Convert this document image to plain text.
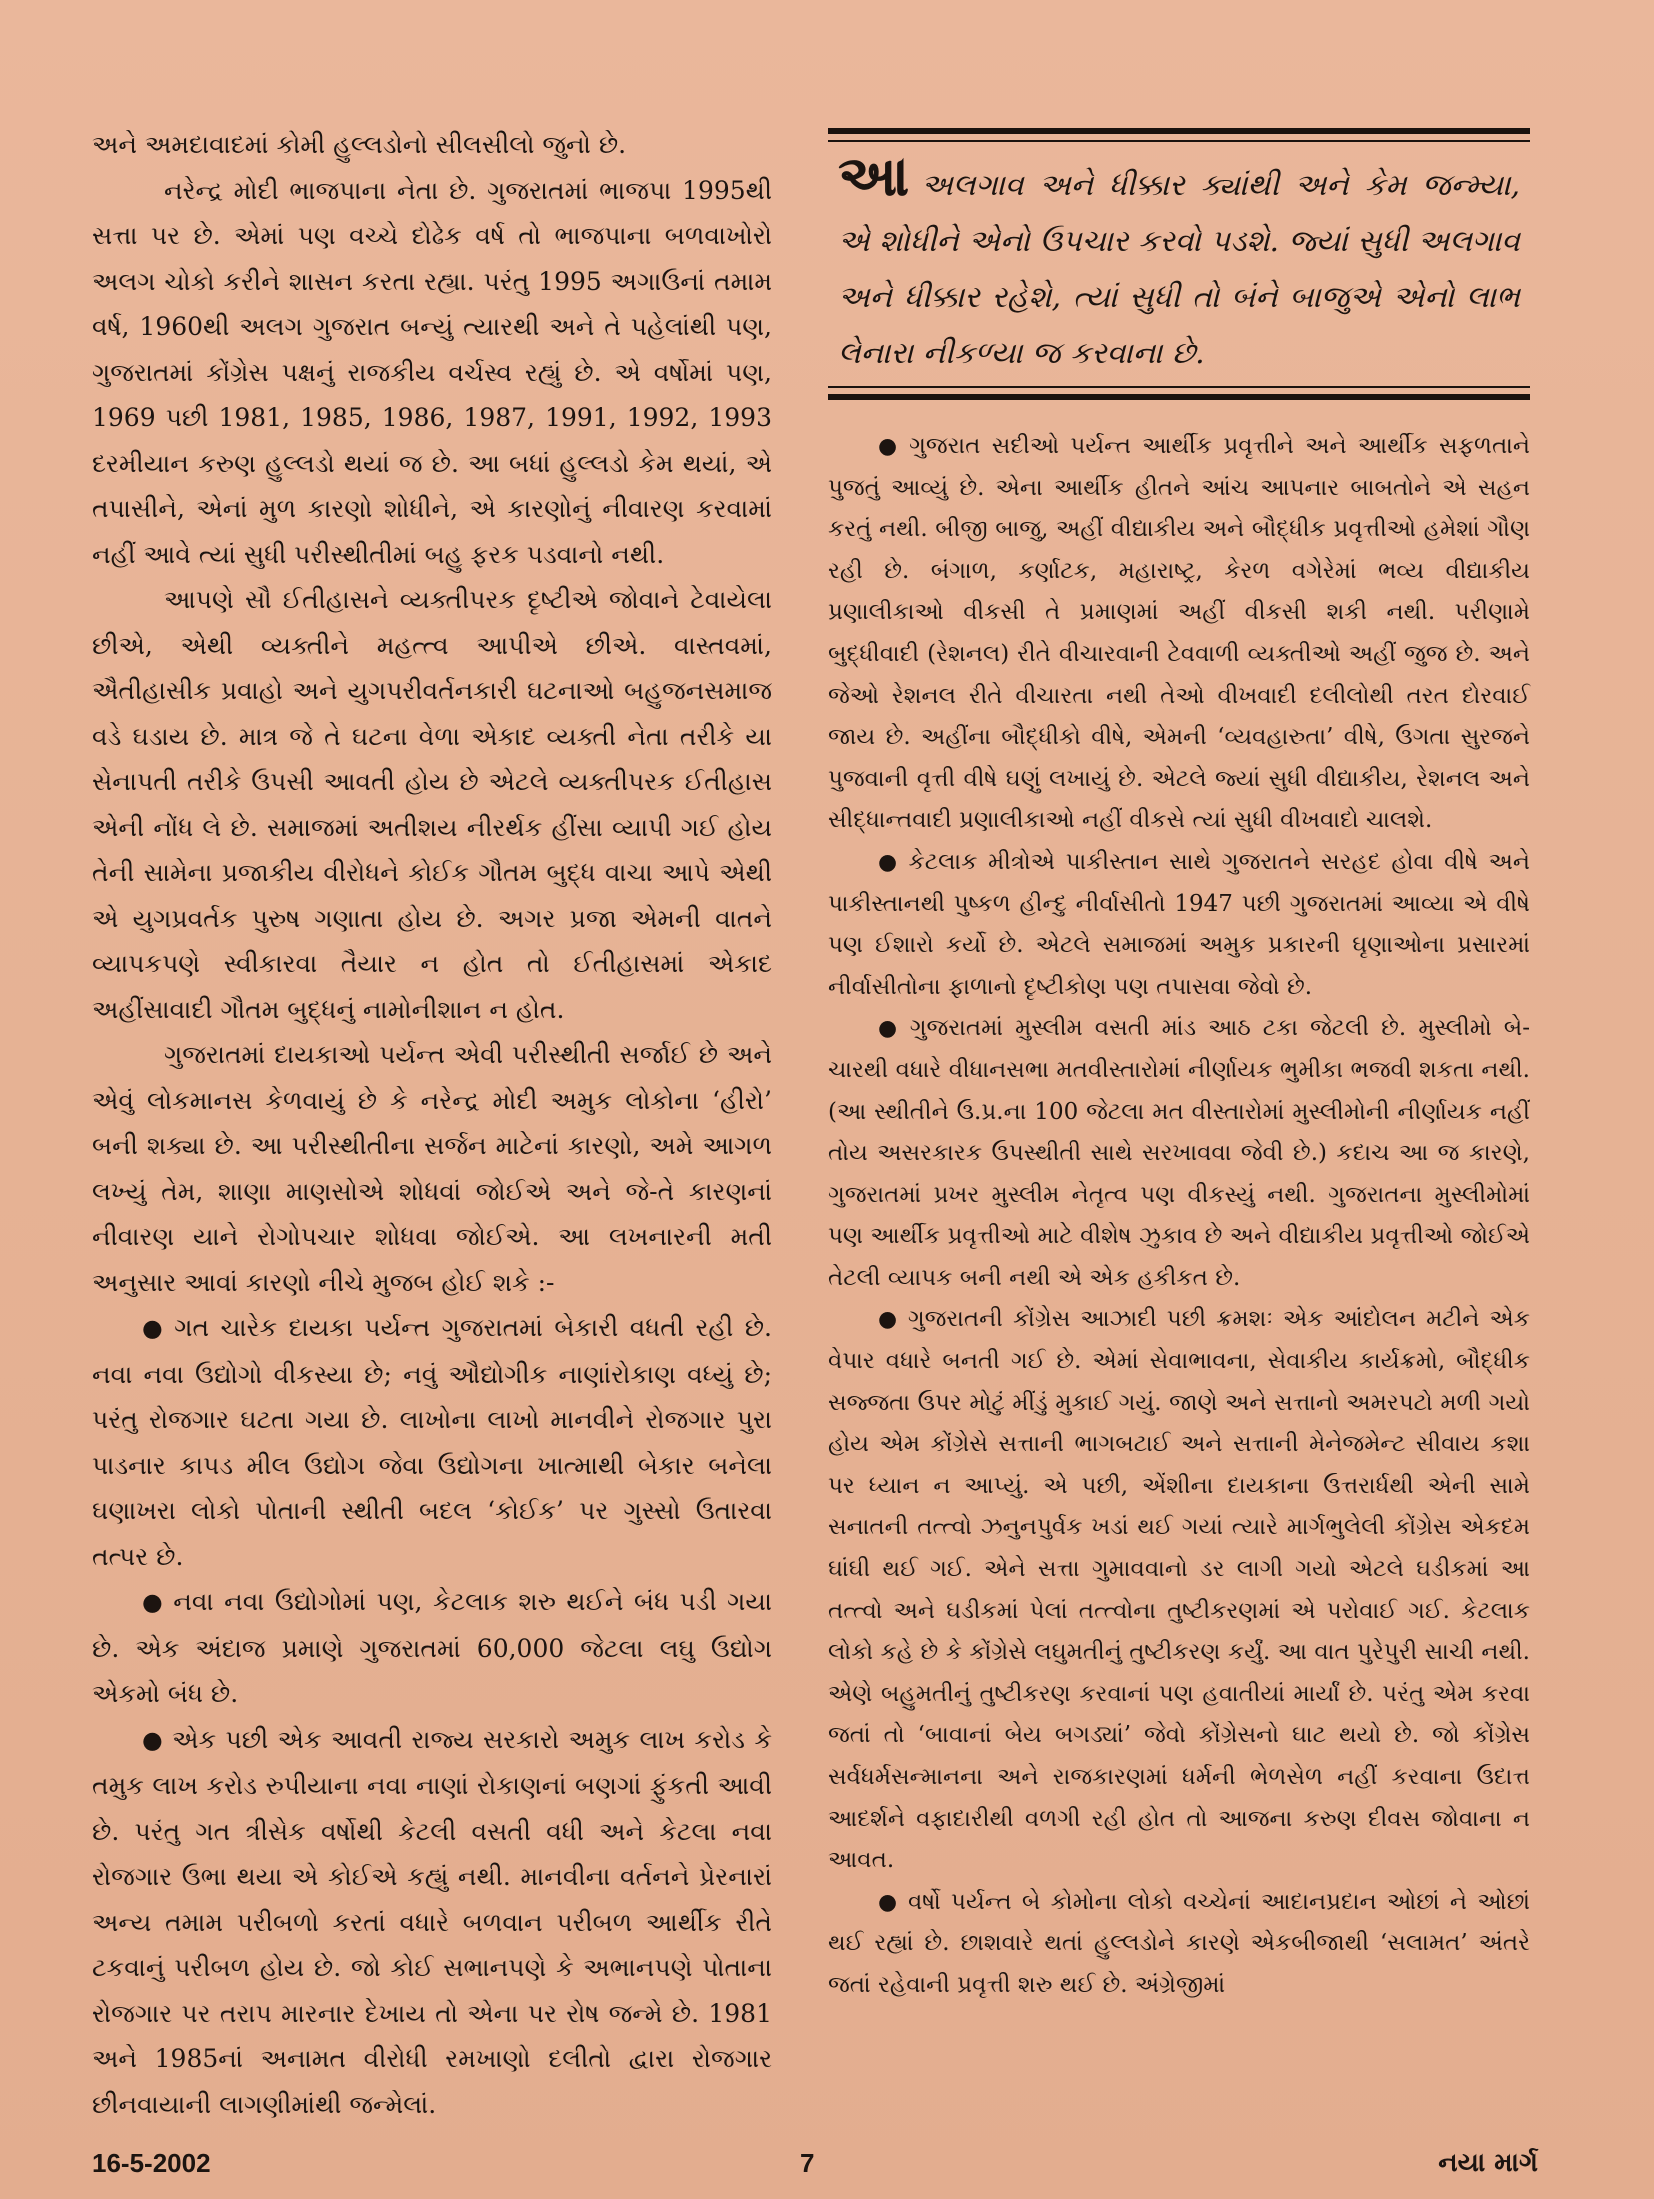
અને અમદાવાદમાં કોમી હુલ્લડોનો સીલસીલો જુનો છે.

નરેન્દ્ર મોદી ભાજપાના નેતા છે. ગુજરાતમાં ભાજપા 1995થી સત્તા પર છે. એમાં પણ વચ્ચે દોઢેક વર્ષ તો ભાજપાના બળવાખોરો અલગ ચોકો કરીને શાસન કરતા રહ્યા. પરંતુ 1995 અગાઉનાં તમામ વર્ષ, 1960થી અલગ ગુજરાત બન્યું ત્યારથી અને તે પહેલાંથી પણ, ગુજરાતમાં કોંગ્રેસ પક્ષનું રાજકીય વર્ચસ્વ રહ્યું છે. એ વર્ષોમાં પણ, 1969 પછી 1981, 1985, 1986, 1987, 1991, 1992, 1993 દરમીયાન કરુણ હુલ્લડો થયાં જ છે. આ બધાં હુલ્લડો કેમ થયાં, એ તપાસીને, એનાં મુળ કારણો શોધીને, એ કારણોનું નીવારણ કરવામાં નહીં આવે ત્યાં સુધી પરીસ્થીતીમાં બહુ ફરક પડવાનો નથી.

આપણે સૌ ઈતીહાસને વ્યક્તીપરક દૃષ્ટીએ જોવાને ટેવાયેલા છીએ, એથી વ્યક્તીને મહત્ત્વ આપીએ છીએ. વાસ્તવમાં, ઐતીહાસીક પ્રવાહો અને યુગપરીવર્તનકારી ઘટનાઓ બહુજનસમાજ વડે ઘડાય છે. માત્ર જે તે ઘટના વેળા એકાદ વ્યક્તી નેતા તરીકે યા સેનાપતી તરીકે ઉપસી આવતી હોય છે એટલે વ્યક્તીપરક ઈતીહાસ એની નોંધ લે છે. સમાજમાં અતીશય નીરર્થક હીંસા વ્યાપી ગઈ હોય તેની સામેના પ્રજાકીય વીરોધને કોઈક ગૌતમ બુદ્ધ વાચા આપે એથી એ યુગપ્રવર્તક પુરુષ ગણાતા હોય છે. અગર પ્રજા એમની વાતને વ્યાપકપણે સ્વીકારવા તૈયાર ન હોત તો ઈતીહાસમાં એકાદ અહીંસાવાદી ગૌતમ બુદ્ધનું નામોનીશાન ન હોત.

ગુજરાતમાં દાયકાઓ પર્યન્ત એવી પરીસ્થીતી સર્જાઈ છે અને એવું લોકમાનસ કેળવાયું છે કે નરેન્દ્ર મોદી અમુક લોકોના ‘હીરો’ બની શક્યા છે. આ પરીસ્થીતીના સર્જન માટેનાં કારણો, અમે આગળ લખ્યું તેમ, શાણા માણસોએ શોધવાં જોઈએ અને જે-તે કારણનાં નીવારણ યાને રોગોપચાર શોધવા જોઈએ. આ લખનારની મતી અનુસાર આવાં કારણો નીચે મુજબ હોઈ શકે :-

● ગત ચારેક દાયકા પર્યન્ત ગુજરાતમાં બેકારી વધતી રહી છે. નવા નવા ઉદ્યોગો વીકસ્યા છે; નવું ઔદ્યોગીક નાણાંરોકાણ વધ્યું છે; પરંતુ રોજગાર ઘટતા ગયા છે. લાખોના લાખો માનવીને રોજગાર પુરા પાડનાર કાપડ મીલ ઉદ્યોગ જેવા ઉદ્યોગના ખાત્માથી બેકાર બનેલા ઘણાખરા લોકો પોતાની સ્થીતી બદલ ‘કોઈક’ પર ગુસ્સો ઉતારવા તત્પર છે.

● નવા નવા ઉદ્યોગોમાં પણ, કેટલાક શરુ થઈને બંધ પડી ગયા છે. એક અંદાજ પ્રમાણે ગુજરાતમાં 60,000 જેટલા લઘુ ઉદ્યોગ એકમો બંધ છે.

● એક પછી એક આવતી રાજ્ય સરકારો અમુક લાખ કરોડ કે તમુક લાખ કરોડ રુપીયાના નવા નાણાં રોકાણનાં બણગાં ફુંકતી આવી છે. પરંતુ ગત ત્રીસેક વર્ષોથી કેટલી વસતી વધી અને કેટલા નવા રોજગાર ઉભા થયા એ કોઈએ કહ્યું નથી. માનવીના વર્તનને પ્રેરનારાં અન્ય તમામ પરીબળો કરતાં વધારે બળવાન પરીબળ આર્થીક રીતે ટકવાનું પરીબળ હોય છે. જો કોઈ સભાનપણે કે અભાનપણે પોતાના રોજગાર પર તરાપ મારનાર દેખાય તો એના પર રોષ જન્મે છે. 1981 અને 1985નાં અનામત વીરોધી રમખાણો દલીતો દ્વારા રોજગાર છીનવાયાની લાગણીમાંથી જન્મેલાં.

આઅલગાવ અને ધીક્કાર ક્યાંથી અને કેમ જન્મ્યા, એ શોધીને એનો ઉપચાર કરવો પડશે. જ્યાં સુધી અલગાવ અને ધીક્કાર રહેશે, ત્યાં સુધી તો બંને બાજુએ એનો લાભ લેનારા નીકળ્યા જ કરવાના છે.

● ગુજરાત સદીઓ પર્યન્ત આર્થીક પ્રવૃત્તીને અને આર્થીક સફળતાને પુજતું આવ્યું છે. એના આર્થીક હીતને આંચ આપનાર બાબતોને એ સહન કરતું નથી. બીજી બાજુ, અહીં વીદ્યાકીય અને બૌદ્ધીક પ્રવૃત્તીઓ હમેશાં ગૌણ રહી છે. બંગાળ, કર્ણાટક, મહારાષ્ટ્ર, કેરળ વગેરેમાં ભવ્ય વીદ્યાકીય પ્રણાલીકાઓ વીકસી તે પ્રમાણમાં અહીં વીકસી શકી નથી. પરીણામે બુદ્ધીવાદી (રેશનલ) રીતે વીચારવાની ટેવવાળી વ્યક્તીઓ અહીં જુજ છે. અને જેઓ રેશનલ રીતે વીચારતા નથી તેઓ વીખવાદી દલીલોથી તરત દોરવાઈ જાય છે. અહીંના બૌદ્ધીકો વીષે, એમની ‘વ્યવહારુતા’ વીષે, ઉગતા સુરજને પુજવાની વૃત્તી વીષે ઘણું લખાયું છે. એટલે જ્યાં સુધી વીદ્યાકીય, રેશનલ અને સીદ્ધાન્તવાદી પ્રણાલીકાઓ નહીં વીકસે ત્યાં સુધી વીખવાદો ચાલશે.

● કેટલાક મીત્રોએ પાકીસ્તાન સાથે ગુજરાતને સરહદ હોવા વીષે અને પાકીસ્તાનથી પુષ્કળ હીન્દુ નીર્વાસીતો 1947 પછી ગુજરાતમાં આવ્યા એ વીષે પણ ઈશારો કર્યો છે. એટલે સમાજમાં અમુક પ્રકારની ઘૃણાઓના પ્રસારમાં નીર્વાસીતોના ફાળાનો દૃષ્ટીકોણ પણ તપાસવા જેવો છે.

● ગુજરાતમાં મુસ્લીમ વસતી માંડ આઠ ટકા જેટલી છે. મુસ્લીમો બે-ચારથી વધારે વીધાનસભા મતવીસ્તારોમાં નીર્ણાયક ભુમીકા ભજવી શકતા નથી. (આ સ્થીતીને ઉ.પ્ર.ના 100 જેટલા મત વીસ્તારોમાં મુસ્લીમોની નીર્ણાયક નહીં તોય અસરકારક ઉપસ્થીતી સાથે સરખાવવા જેવી છે.) કદાચ આ જ કારણે, ગુજરાતમાં પ્રખર મુસ્લીમ નેતૃત્વ પણ વીકસ્યું નથી. ગુજરાતના મુસ્લીમોમાં પણ આર્થીક પ્રવૃત્તીઓ માટે વીશેષ ઝુકાવ છે અને વીદ્યાકીય પ્રવૃત્તીઓ જોઈએ તેટલી વ્યાપક બની નથી એ એક હકીકત છે.

● ગુજરાતની કોંગ્રેસ આઝાદી પછી ક્રમશઃ એક આંદોલન મટીને એક વેપાર વધારે બનતી ગઈ છે. એમાં સેવાભાવના, સેવાકીય કાર્યક્રમો, બૌદ્ધીક સજ્જતા ઉપર મોટું મીંડું મુકાઈ ગયું. જાણે અને સત્તાનો અમરપટો મળી ગયો હોય એમ કોંગ્રેસે સત્તાની ભાગબટાઈ અને સત્તાની મેનેજમેન્ટ સીવાય કશા પર ધ્યાન ન આપ્યું. એ પછી, એંશીના દાયકાના ઉત્તરાર્ધથી એની સામે સનાતની તત્ત્વો ઝનુનપુર્વક ખડાં થઈ ગયાં ત્યારે માર્ગભુલેલી કોંગ્રેસ એકદમ ઘાંઘી થઈ ગઈ. એને સત્તા ગુમાવવાનો ડર લાગી ગયો એટલે ઘડીકમાં આ તત્ત્વો અને ઘડીકમાં પેલાં તત્ત્વોના તુષ્ટીકરણમાં એ પરોવાઈ ગઈ. કેટલાક લોકો કહે છે કે કોંગ્રેસે લઘુમતીનું તુષ્ટીકરણ કર્યું. આ વાત પુરેપુરી સાચી નથી. એણે બહુમતીનું તુષ્ટીકરણ કરવાનાં પણ હવાતીયાં માર્યાં છે. પરંતુ એમ કરવા જતાં તો ‘બાવાનાં બેય બગડ્યાં’ જેવો કોંગ્રેસનો ઘાટ થયો છે. જો કોંગ્રેસ સર્વધર્મસન્માનના અને રાજકારણમાં ધર્મની ભેળસેળ નહીં કરવાના ઉદાત્ત આદર્શને વફાદારીથી વળગી રહી હોત તો આજના કરુણ દીવસ જોવાના ન આવત.

● વર્ષો પર્યન્ત બે કોમોના લોકો વચ્ચેનાં આદાનપ્રદાન ઓછાં ને ઓછાં થઈ રહ્યાં છે. છાશવારે થતાં હુલ્લડોને કારણે એકબીજાથી ‘સલામત’ અંતરે જતાં રહેવાની પ્રવૃત્તી શરુ થઈ છે. અંગ્રેજીમાં

16-5-2002	7	નયા માર્ગ
